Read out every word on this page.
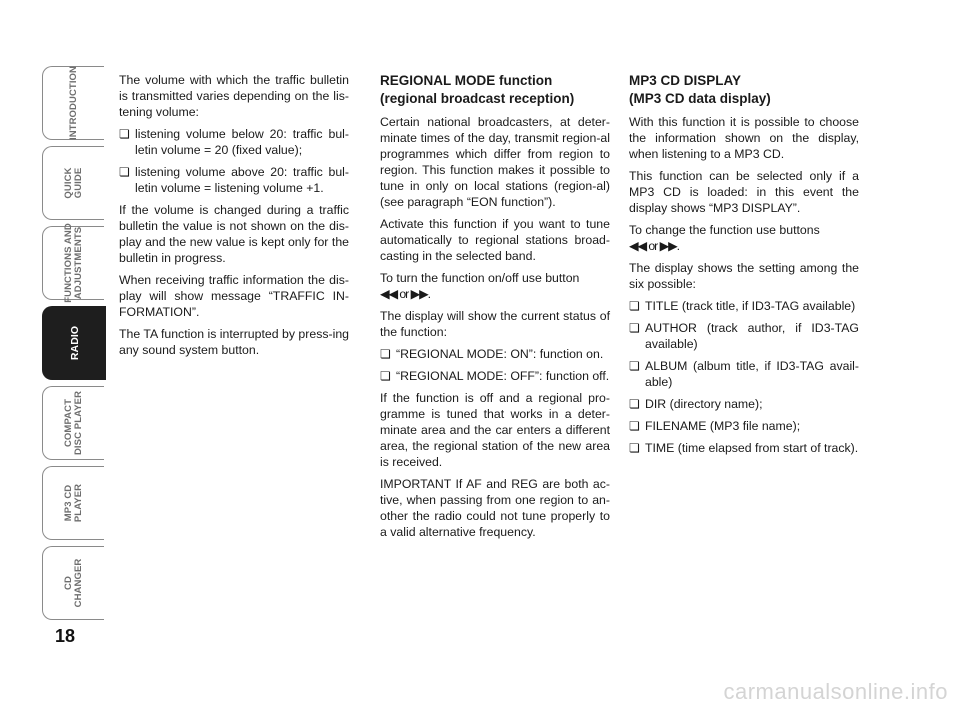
INTRODUCTION
QUICK
GUIDE
FUNCTIONS AND
ADJUSTMENTS
RADIO
COMPACT
DISC PLAYER
MP3 CD
PLAYER
CD
CHANGER
18

The volume with which the traffic bulletin is transmitted varies depending on the lis-tening volume:

❏ listening volume below 20: traffic bul-letin volume = 20 (fixed value);
❏ listening volume above 20: traffic bul-letin volume = listening volume +1.

If the volume is changed during a traffic bulletin the value is not shown on the dis-play and the new value is kept only for the bulletin in progress.

When receiving traffic information the dis-play will show message “TRAFFIC IN-FORMATION”.

The TA function is interrupted by press-ing any sound system button.

REGIONAL MODE function
(regional broadcast reception)

Certain national broadcasters, at deter-minate times of the day, transmit region-al programmes which differ from region to region. This function makes it possible to tune in only on local stations (region-al) (see paragraph “EON function”).

Activate this function if you want to tune automatically to regional stations broad-casting in the selected band.

To turn the function on/off use button
◀◀ or ▶▶.

The display will show the current status of the function:

❏ “REGIONAL MODE: ON”: function on.
❏ “REGIONAL MODE: OFF”: function off.

If the function is off and a regional pro-gramme is tuned that works in a deter-minate area and the car enters a different area, the regional station of the new area is received.

IMPORTANT If AF and REG are both ac-tive, when passing from one region to an-other the radio could not tune properly to a valid alternative frequency.

MP3 CD DISPLAY
(MP3 CD data display)

With this function it is possible to choose the information shown on the display, when listening to a MP3 CD.

This function can be selected only if a MP3 CD is loaded: in this event the display shows “MP3 DISPLAY”.

To change the function use buttons
◀◀ or ▶▶.

The display shows the setting among the six possible:

❏ TITLE (track title, if ID3-TAG available)
❏ AUTHOR (track author, if ID3-TAG available)
❏ ALBUM (album title, if ID3-TAG avail-able)
❏ DIR (directory name);
❏ FILENAME (MP3 file name);
❏ TIME (time elapsed from start of track).
carmanualsonline.info
